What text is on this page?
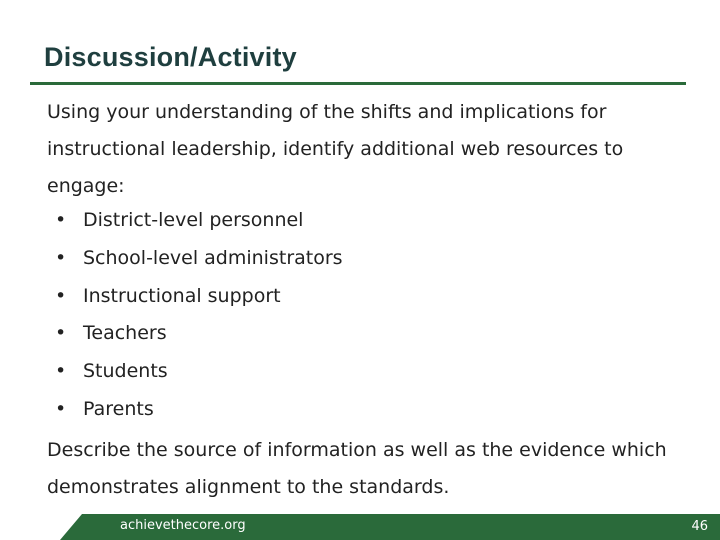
Discussion/Activity

Using your understanding of the shifts and implications for instructional leadership, identify additional web resources to engage:

• District-level personnel
• School-level administrators
• Instructional support
• Teachers
• Students
• Parents

Describe the source of information as well as the evidence which demonstrates alignment to the standards.

achievethecore.org	46
